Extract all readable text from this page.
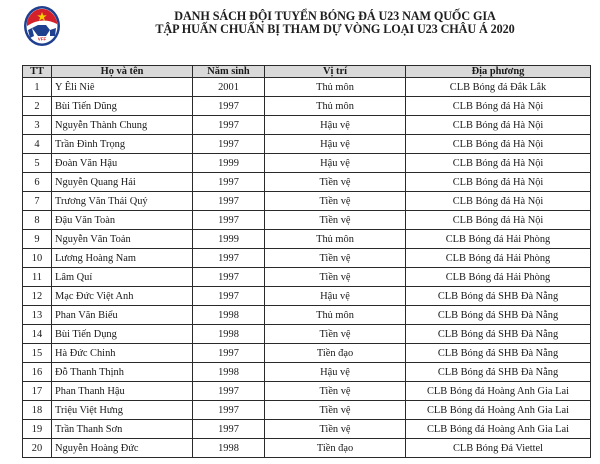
VFF
DANH SÁCH ĐỘI TUYỂN BÓNG ĐÁ U23 NAM QUỐC GIA
TẬP HUẤN CHUẨN BỊ THAM DỰ VÒNG LOẠI U23 CHÂU Á 2020
TT	Họ và tên	Năm sinh	Vị trí	Địa phương
1	Y Êli Niê	2001	Thủ môn	CLB Bóng đá Đắk Lắk
2	Bùi Tiến Dũng	1997	Thủ môn	CLB Bóng đá Hà Nội
3	Nguyễn Thành Chung	1997	Hậu vệ	CLB Bóng đá Hà Nội
4	Trần Đình Trọng	1997	Hậu vệ	CLB Bóng đá Hà Nội
5	Đoàn Văn Hậu	1999	Hậu vệ	CLB Bóng đá Hà Nội
6	Nguyễn Quang Hải	1997	Tiền vệ	CLB Bóng đá Hà Nội
7	Trương Văn Thái Quý	1997	Tiền vệ	CLB Bóng đá Hà Nội
8	Đậu Văn Toàn	1997	Tiền vệ	CLB Bóng đá Hà Nội
9	Nguyễn Văn Toản	1999	Thủ môn	CLB Bóng đá Hải Phòng
10	Lương Hoàng Nam	1997	Tiền vệ	CLB Bóng đá Hải Phòng
11	Lâm Quí	1997	Tiền vệ	CLB Bóng đá Hải Phòng
12	Mạc Đức Việt Anh	1997	Hậu vệ	CLB Bóng đá SHB Đà Nẵng
13	Phan Văn Biểu	1998	Thủ môn	CLB Bóng đá SHB Đà Nẵng
14	Bùi Tiến Dụng	1998	Tiền vệ	CLB Bóng đá SHB Đà Nẵng
15	Hà Đức Chinh	1997	Tiền đạo	CLB Bóng đá SHB Đà Nẵng
16	Đỗ Thanh Thịnh	1998	Hậu vệ	CLB Bóng đá SHB Đà Nẵng
17	Phan Thanh Hậu	1997	Tiền vệ	CLB Bóng đá Hoàng Anh Gia Lai
18	Triệu Việt Hưng	1997	Tiền vệ	CLB Bóng đá Hoàng Anh Gia Lai
19	Trần Thanh Sơn	1997	Tiền vệ	CLB Bóng đá Hoàng Anh Gia Lai
20	Nguyễn Hoàng Đức	1998	Tiền đạo	CLB Bóng Đá Viettel
